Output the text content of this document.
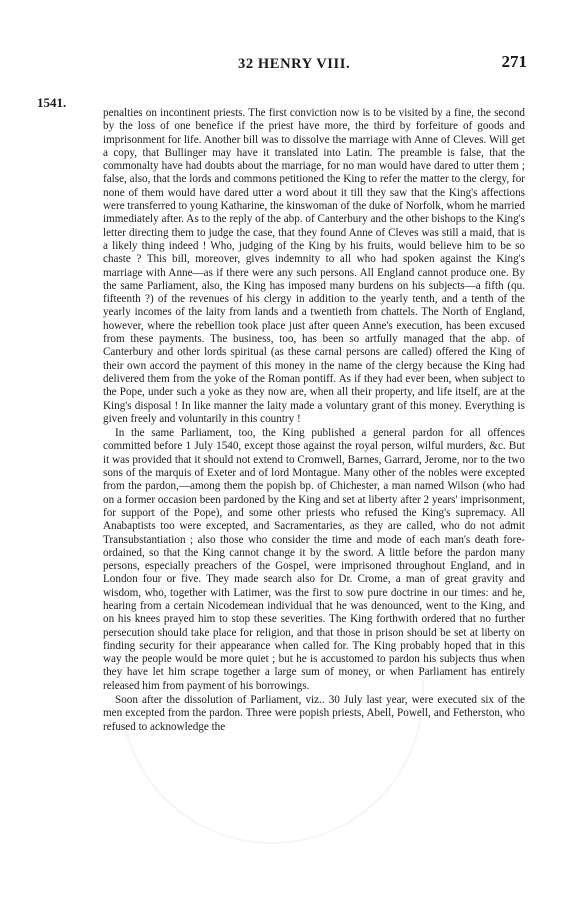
32 HENRY VIII.	271
1541.

penalties on incontinent priests. The first conviction now is to be visited by a fine, the second by the loss of one benefice if the priest have more, the third by forfeiture of goods and imprisonment for life. Another bill was to dissolve the marriage with Anne of Cleves. Will get a copy, that Bullinger may have it translated into Latin. The preamble is false, that the commonalty have had doubts about the marriage, for no man would have dared to utter them ; false, also, that the lords and commons petitioned the King to refer the matter to the clergy, for none of them would have dared utter a word about it till they saw that the King's affections were transferred to young Katharine, the kinswoman of the duke of Norfolk, whom he married immediately after. As to the reply of the abp. of Canterbury and the other bishops to the King's letter directing them to judge the case, that they found Anne of Cleves was still a maid, that is a likely thing indeed ! Who, judging of the King by his fruits, would believe him to be so chaste ? This bill, moreover, gives indemnity to all who had spoken against the King's marriage with Anne—as if there were any such persons. All England cannot produce one. By the same Parliament, also, the King has imposed many burdens on his subjects—a fifth (qu. fifteenth ?) of the revenues of his clergy in addition to the yearly tenth, and a tenth of the yearly incomes of the laity from lands and a twentieth from chattels. The North of England, however, where the rebellion took place just after queen Anne's execution, has been excused from these payments. The business, too, has been so artfully managed that the abp. of Canterbury and other lords spiritual (as these carnal persons are called) offered the King of their own accord the payment of this money in the name of the clergy because the King had delivered them from the yoke of the Roman pontiff. As if they had ever been, when subject to the Pope, under such a yoke as they now are, when all their property, and life itself, are at the King's disposal ! In like manner the laity made a voluntary grant of this money. Everything is given freely and voluntarily in this country !

In the same Parliament, too, the King published a general pardon for all offences committed before 1 July 1540, except those against the royal person, wilful murders, &c. But it was provided that it should not extend to Cromwell, Barnes, Garrard, Jerome, nor to the two sons of the marquis of Exeter and of lord Montague. Many other of the nobles were excepted from the pardon,—among them the popish bp. of Chichester, a man named Wilson (who had on a former occasion been pardoned by the King and set at liberty after 2 years' imprisonment, for support of the Pope), and some other priests who refused the King's supremacy. All Anabaptists too were excepted, and Sacramentaries, as they are called, who do not admit Transubstantiation ; also those who consider the time and mode of each man's death fore-ordained, so that the King cannot change it by the sword. A little before the pardon many persons, especially preachers of the Gospel, were imprisoned throughout England, and in London four or five. They made search also for Dr. Crome, a man of great gravity and wisdom, who, together with Latimer, was the first to sow pure doctrine in our times: and he, hearing from a certain Nicodemean individual that he was denounced, went to the King, and on his knees prayed him to stop these severities. The King forthwith ordered that no further persecution should take place for religion, and that those in prison should be set at liberty on finding security for their appearance when called for. The King probably hoped that in this way the people would be more quiet ; but he is accustomed to pardon his subjects thus when they have let him scrape together a large sum of money, or when Parliament has entirely released him from payment of his borrowings.

Soon after the dissolution of Parliament, viz.. 30 July last year, were executed six of the men excepted from the pardon. Three were popish priests, Abell, Powell, and Fetherston, who refused to acknowledge the
